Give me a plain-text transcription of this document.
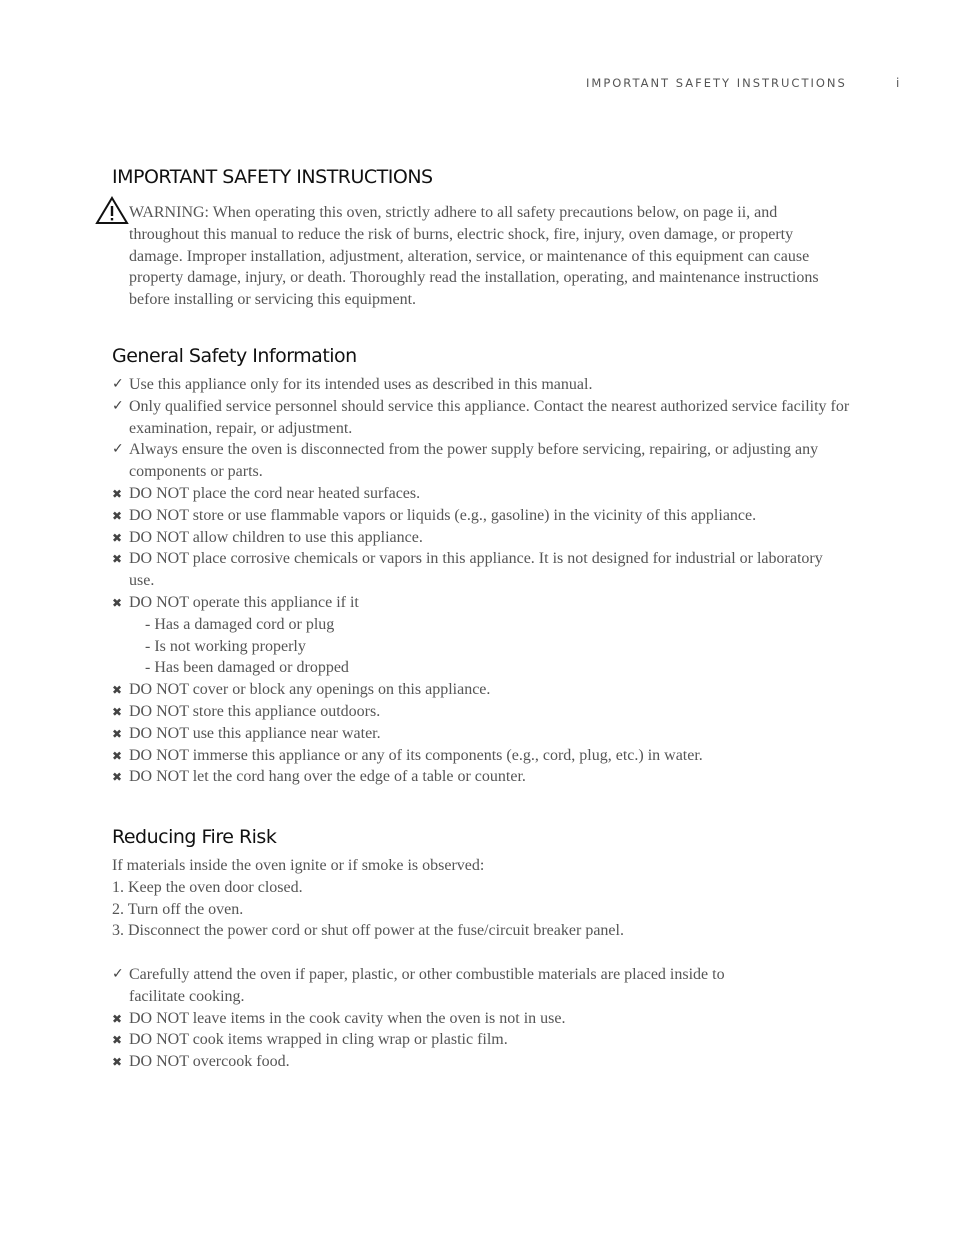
IMPORTANT SAFETY INSTRUCTIONS	i
IMPORTANT SAFETY INSTRUCTIONS
WARNING: When operating this oven, strictly adhere to all safety precautions below, on page ii, and throughout this manual to reduce the risk of burns, electric shock, fire, injury, oven damage, or property damage. Improper installation, adjustment, alteration, service, or maintenance of this equipment can cause property damage, injury, or death. Thoroughly read the installation, operating, and maintenance instructions before installing or servicing this equipment.
General Safety Information
✓ Use this appliance only for its intended uses as described in this manual.
✓ Only qualified service personnel should service this appliance. Contact the nearest authorized service facility for examination, repair, or adjustment.
✓ Always ensure the oven is disconnected from the power supply before servicing, repairing, or adjusting any components or parts.
✖ DO NOT place the cord near heated surfaces.
✖ DO NOT store or use flammable vapors or liquids (e.g., gasoline) in the vicinity of this appliance.
✖ DO NOT allow children to use this appliance.
✖ DO NOT place corrosive chemicals or vapors in this appliance. It is not designed for industrial or laboratory use.
✖ DO NOT operate this appliance if it
- Has a damaged cord or plug
- Is not working properly
- Has been damaged or dropped
✖ DO NOT cover or block any openings on this appliance.
✖ DO NOT store this appliance outdoors.
✖ DO NOT use this appliance near water.
✖ DO NOT immerse this appliance or any of its components (e.g., cord, plug, etc.) in water.
✖ DO NOT let the cord hang over the edge of a table or counter.
Reducing Fire Risk
If materials inside the oven ignite or if smoke is observed:
1. Keep the oven door closed.
2. Turn off the oven.
3. Disconnect the power cord or shut off power at the fuse/circuit breaker panel.
✓ Carefully attend the oven if paper, plastic, or other combustible materials are placed inside to facilitate cooking.
✖ DO NOT leave items in the cook cavity when the oven is not in use.
✖ DO NOT cook items wrapped in cling wrap or plastic film.
✖ DO NOT overcook food.
